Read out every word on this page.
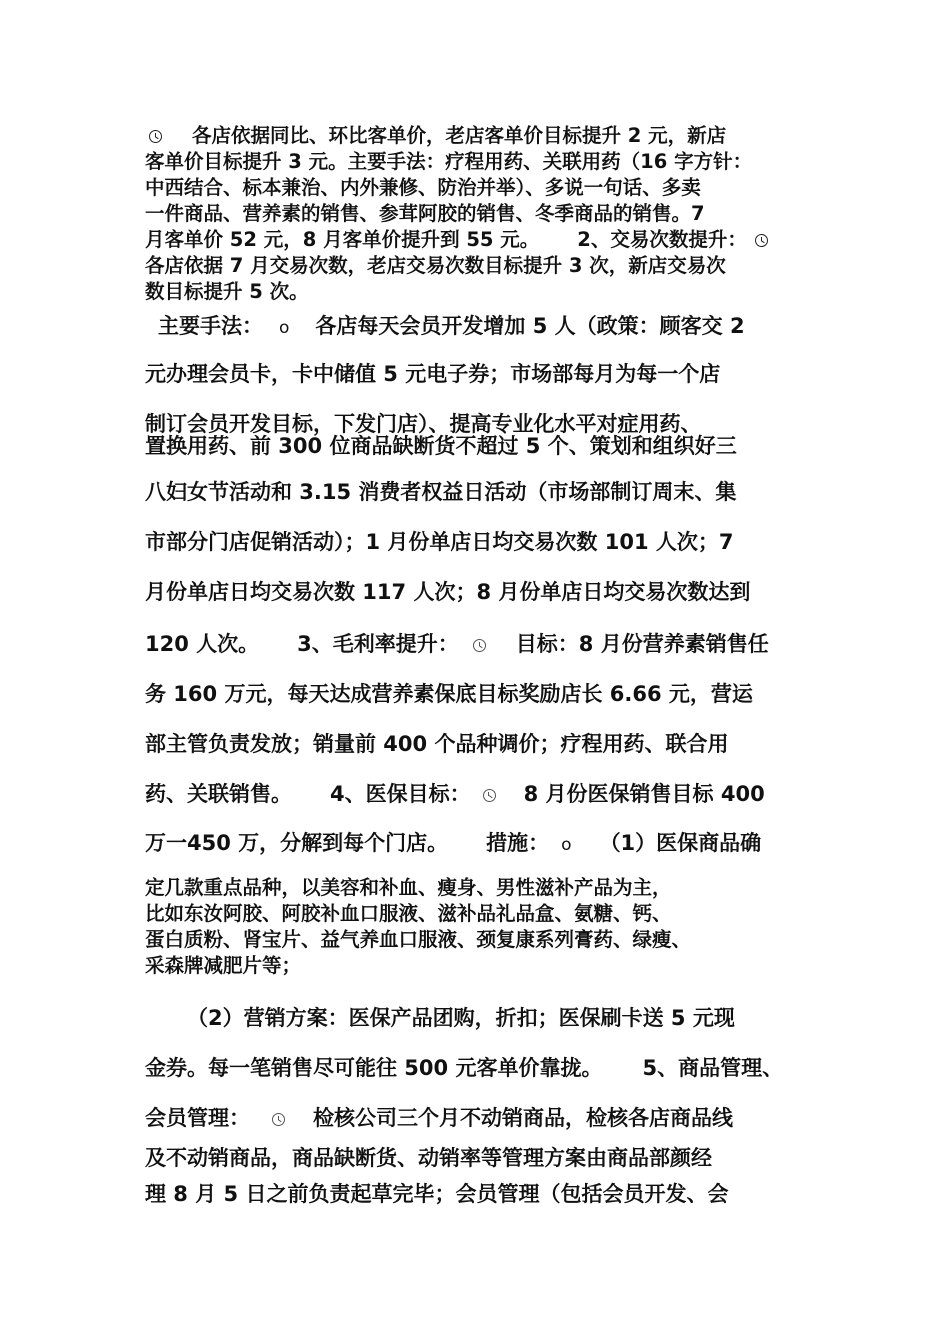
各店依据同比、环比客单价，老店客单价目标提升 2 元，新店
客单价目标提升 3 元。主要手法：疗程用药、关联用药（16 字方针：
中西结合、标本兼治、内外兼修、防治并举）、多说一句话、多卖
一件商品、营养素的销售、参茸阿胶的销售、冬季商品的销售。7
月客单价 52 元，8 月客单价提升到 55 元。 2、交易次数提升：
各店依据 7 月交易次数，老店交易次数目标提升 3 次，新店交易次
数目标提升 5 次。
主要手法： o 各店每天会员开发增加 5 人（政策：顾客交 2
元办理会员卡，卡中储值 5 元电子券；市场部每月为每一个店
制订会员开发目标，下发门店）、提高专业化水平对症用药、
置换用药、前 300 位商品缺断货不超过 5 个、策划和组织好三
八妇女节活动和 3.15 消费者权益日活动（市场部制订周末、集
市部分门店促销活动）；1 月份单店日均交易次数 101 人次；7
月份单店日均交易次数 117 人次；8 月份单店日均交易次数达到
120 人次。 3、毛利率提升：	目标：8 月份营养素销售任
务 160 万元，每天达成营养素保底目标奖励店长 6.66 元，营运
部主管负责发放；销量前 400 个品种调价；疗程用药、联合用
药、关联销售。 4、医保目标：	8 月份医保销售目标 400
万一450 万，分解到每个门店。 措施： o （1）医保商品确
定几款重点品种，以美容和补血、瘦身、男性滋补产品为主，
比如东汝阿胶、阿胶补血口服液、滋补品礼品盒、氨糖、钙、
蛋白质粉、肾宝片、益气养血口服液、颈复康系列膏药、绿瘦、
采森牌减肥片等；
（2）营销方案：医保产品团购，折扣；医保刷卡送 5 元现
金券。每一笔销售尽可能往 500 元客单价靠拢。 5、商品管理、
会员管理：	检核公司三个月不动销商品，检核各店商品线
及不动销商品，商品缺断货、动销率等管理方案由商品部颜经
理 8 月 5 日之前负责起草完毕；会员管理（包括会员开发、会
